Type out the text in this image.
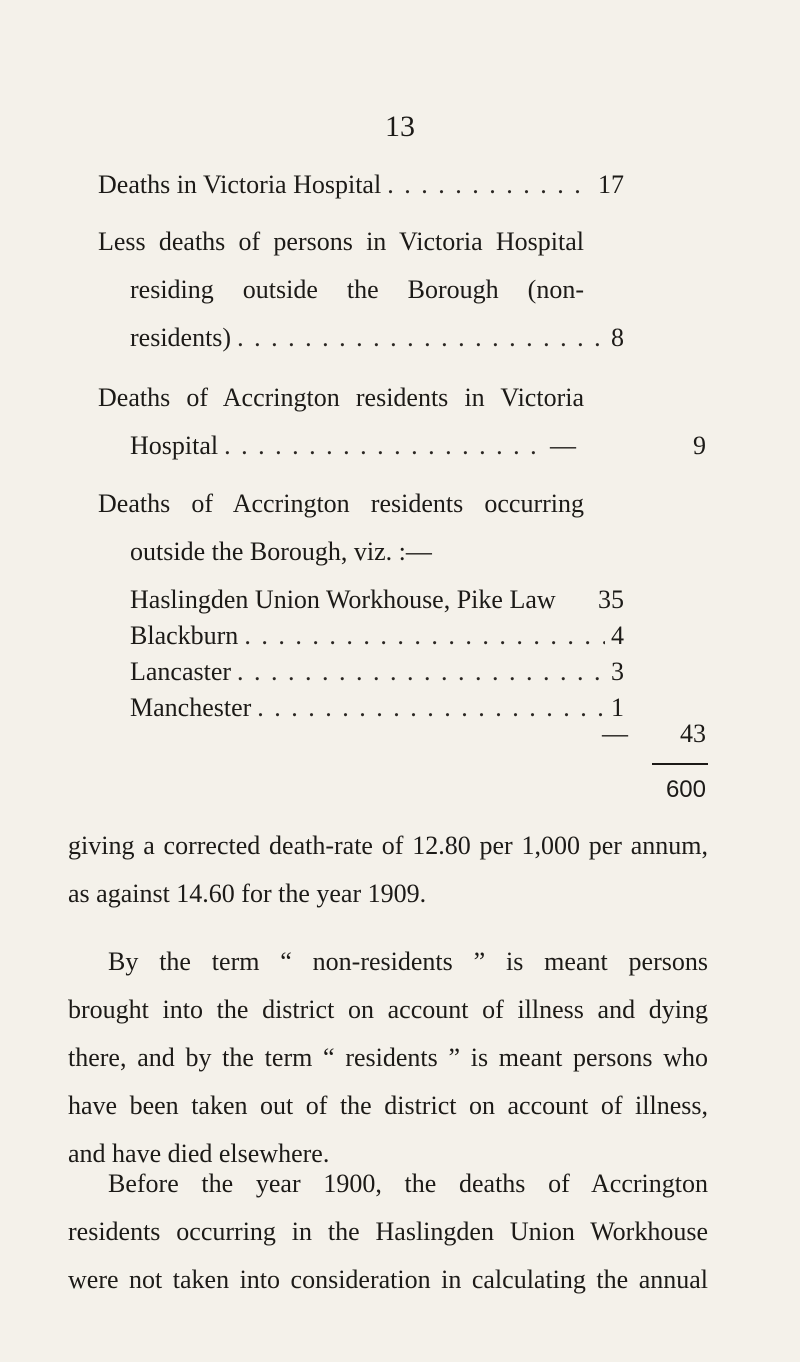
13
Deaths in Victoria Hospital . . .	17
Less deaths of persons in Victoria Hospital
residing outside the Borough (non-
residents) . . .	8
Deaths of Accrington residents in Victoria
Hospital . . .	—	9
Deaths of Accrington residents occurring
outside the Borough, viz. :—
Haslingden Union Workhouse, Pike Law 35
Blackburn . . .	4
Lancaster . . .	3
Manchester . . .	1
—	43
600
giving a corrected death-rate of 12.80 per 1,000 per annum,
as against 14.60 for the year 1909.
By the term “ non-residents ” is meant persons
brought into the district on account of illness and dying
there, and by the term “ residents ” is meant persons who
have been taken out of the district on account of illness,
and have died elsewhere.
Before the year 1900, the deaths of Accrington
residents occurring in the Haslingden Union Workhouse
were not taken into consideration in calculating the annual
